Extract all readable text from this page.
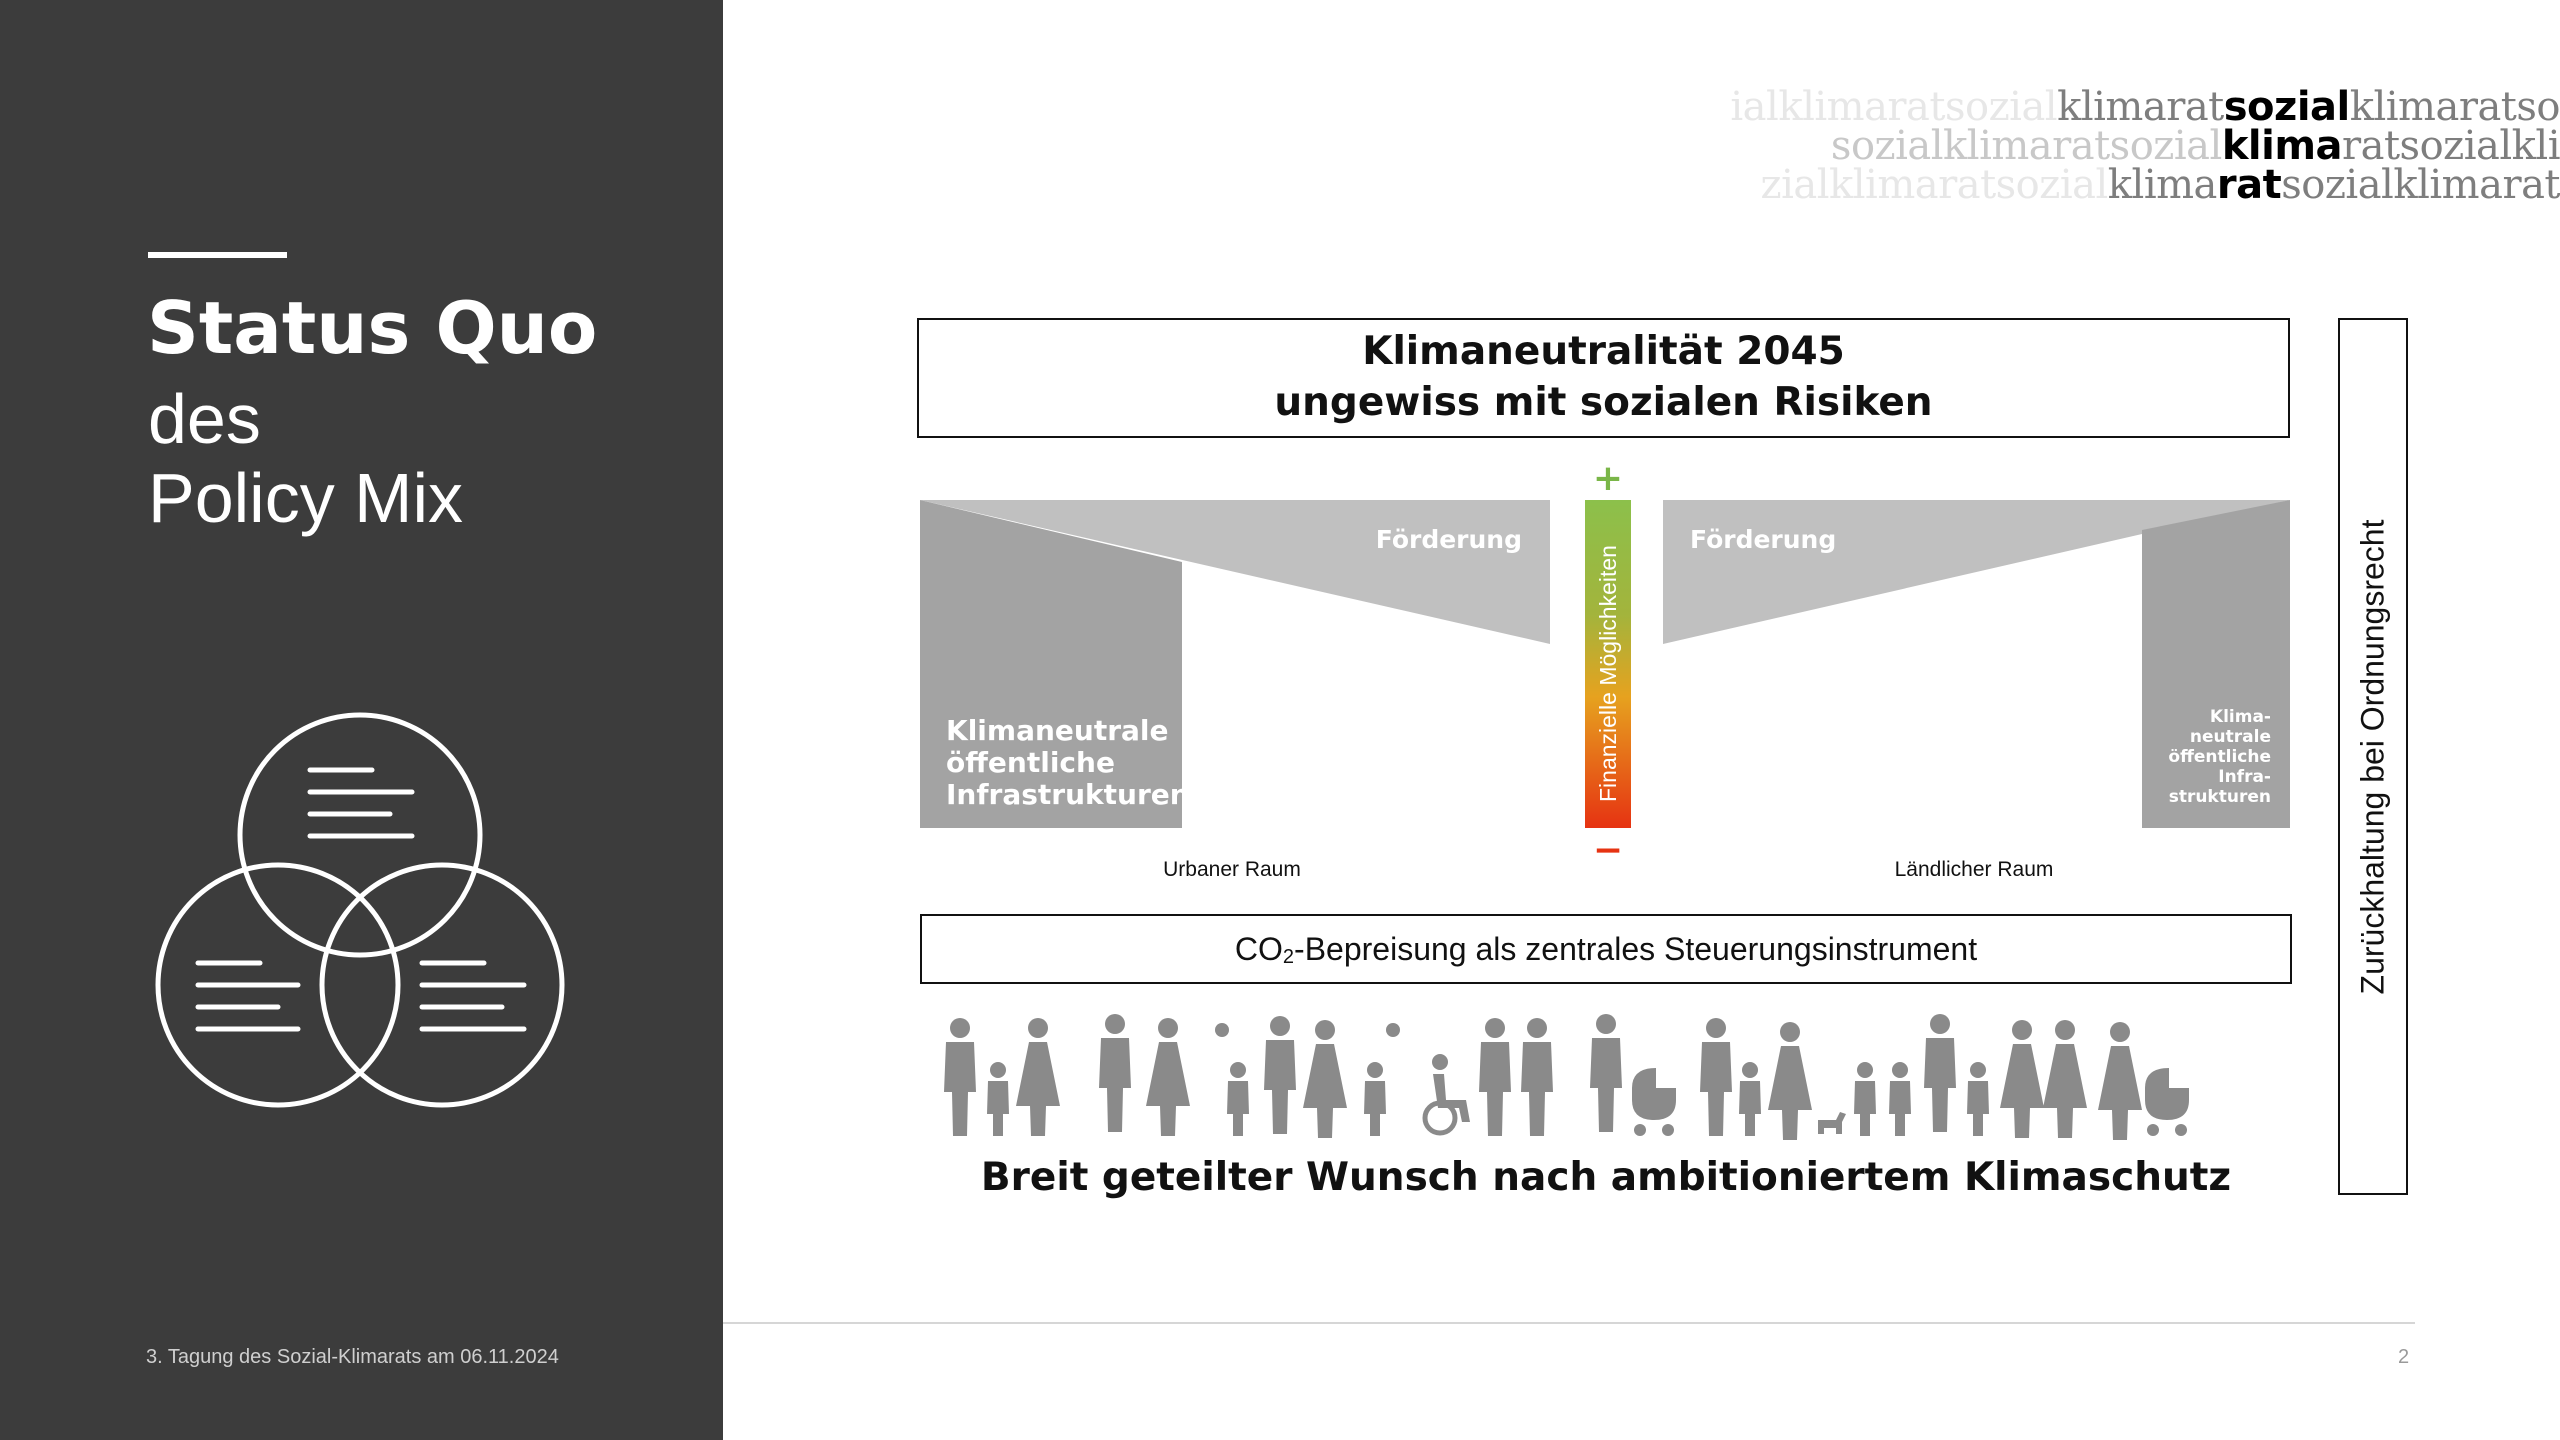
Status Quo
des
Policy Mix
3. Tagung des Sozial-Klimarats am 06.11.2024
ialklimaratsozialklimaratsozialklimaratso
sozialklimaratsozialklimaratsozialkli
zialklimaratsozialklimaratsozialklimarat
Klimaneutralität 2045
ungewiss mit sozialen Risiken
Förderung
Klimaneutrale
öffentliche
Infrastrukturen
Förderung
Klima-
neutrale
öffentliche
Infra-
strukturen
Finanzielle Möglichkeiten
+
−
Urbaner Raum	Ländlicher Raum
CO 2 -Bepreisung als zentrales Steuerungsinstrument
Breit geteilter Wunsch nach ambitioniertem Klimaschutz
Zurückhaltung bei Ordnungsrecht
2
